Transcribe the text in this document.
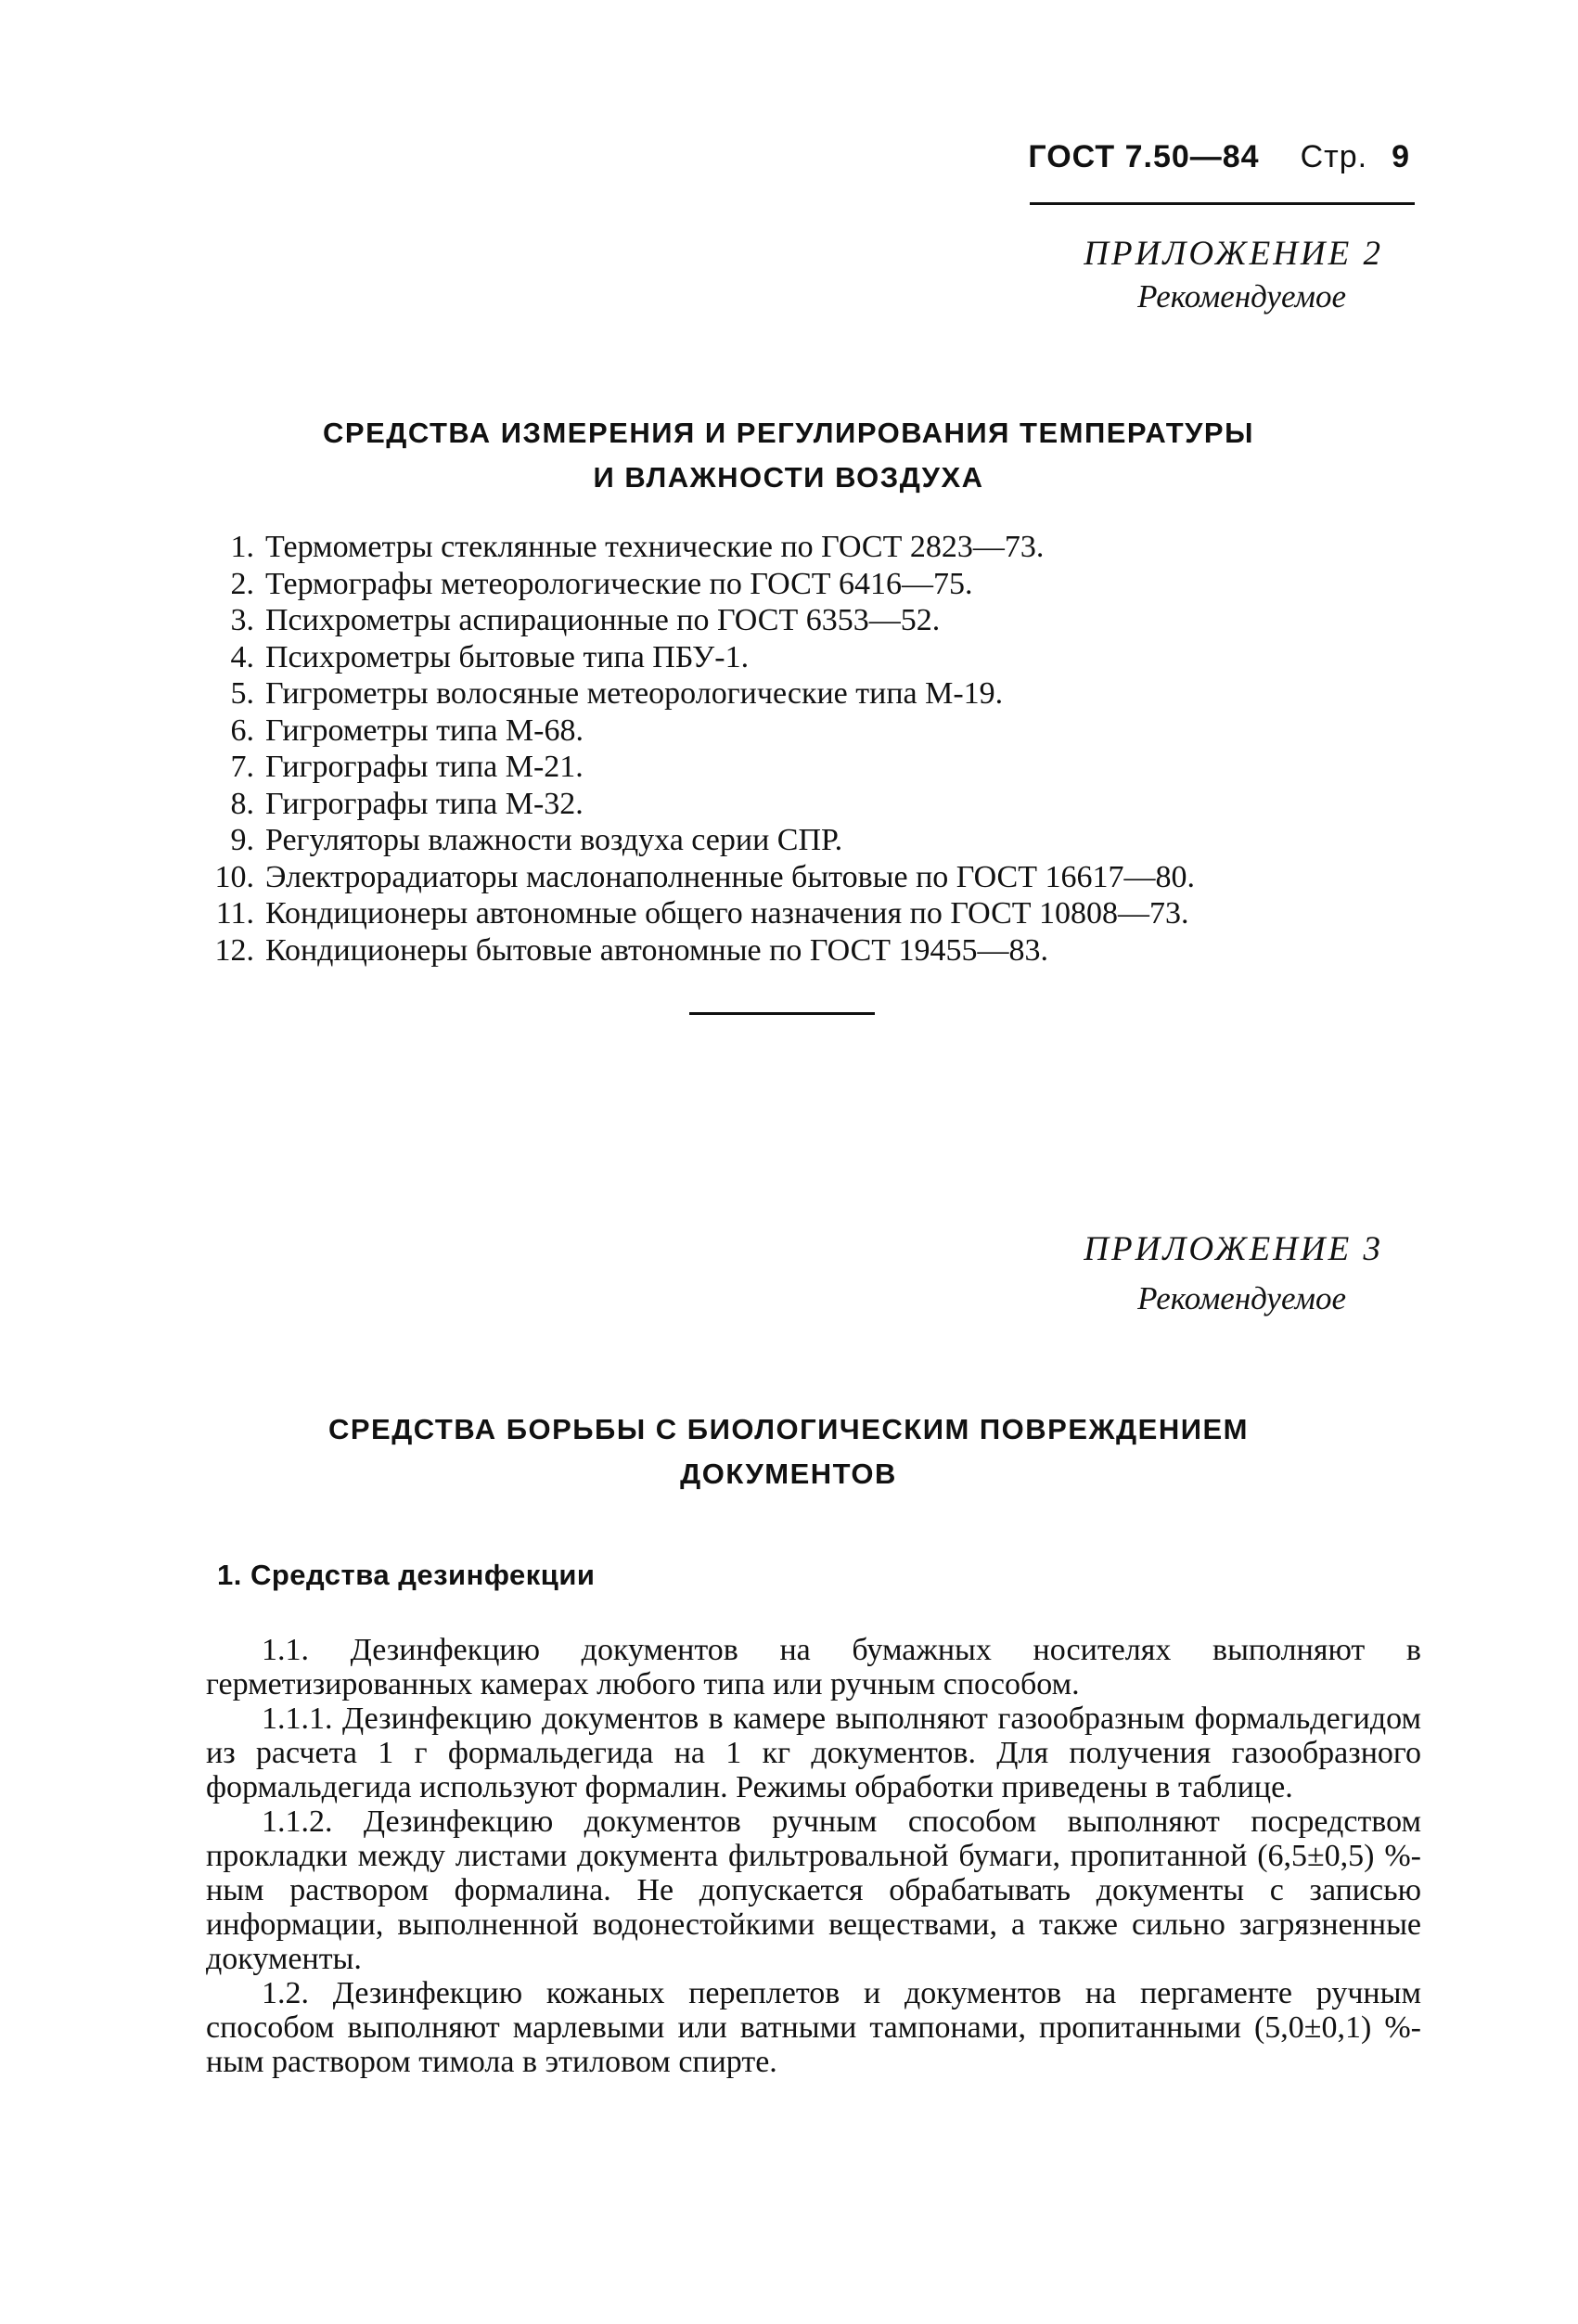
ГОСТ 7.50—84 Стр. 9
ПРИЛОЖЕНИЕ 2
Рекомендуемое
СРЕДСТВА ИЗМЕРЕНИЯ И РЕГУЛИРОВАНИЯ ТЕМПЕРАТУРЫ
И ВЛАЖНОСТИ ВОЗДУХА
1. Термометры стеклянные технические по ГОСТ 2823—73.
2. Термографы метеорологические по ГОСТ 6416—75.
3. Психрометры аспирационные по ГОСТ 6353—52.
4. Психрометры бытовые типа ПБУ-1.
5. Гигрометры волосяные метеорологические типа М-19.
6. Гигрометры типа М-68.
7. Гигрографы типа М-21.
8. Гигрографы типа М-32.
9. Регуляторы влажности воздуха серии СПР.
10. Электрорадиаторы маслонаполненные бытовые по ГОСТ 16617—80.
11. Кондиционеры автономные общего назначения по ГОСТ 10808—73.
12. Кондиционеры бытовые автономные по ГОСТ 19455—83.
ПРИЛОЖЕНИЕ 3
Рекомендуемое
СРЕДСТВА БОРЬБЫ С БИОЛОГИЧЕСКИМ ПОВРЕЖДЕНИЕМ
ДОКУМЕНТОВ
1. Средства дезинфекции

1.1. Дезинфекцию документов на бумажных носителях выполняют в герметизированных камерах любого типа или ручным способом.

1.1.1. Дезинфекцию документов в камере выполняют газообразным формальдегидом из расчета 1 г формальдегида на 1 кг документов. Для получения газообразного формальдегида используют формалин. Режимы обработки приведены в таблице.

1.1.2. Дезинфекцию документов ручным способом выполняют посредством прокладки между листами документа фильтровальной бумаги, пропитанной (6,5±0,5) %-ным раствором формалина. Не допускается обрабатывать документы с записью информации, выполненной водонестойкими веществами, а также сильно загрязненные документы.

1.2. Дезинфекцию кожаных переплетов и документов на пергаменте ручным способом выполняют марлевыми или ватными тампонами, пропитанными (5,0±0,1) %-ным раствором тимола в этиловом спирте.
